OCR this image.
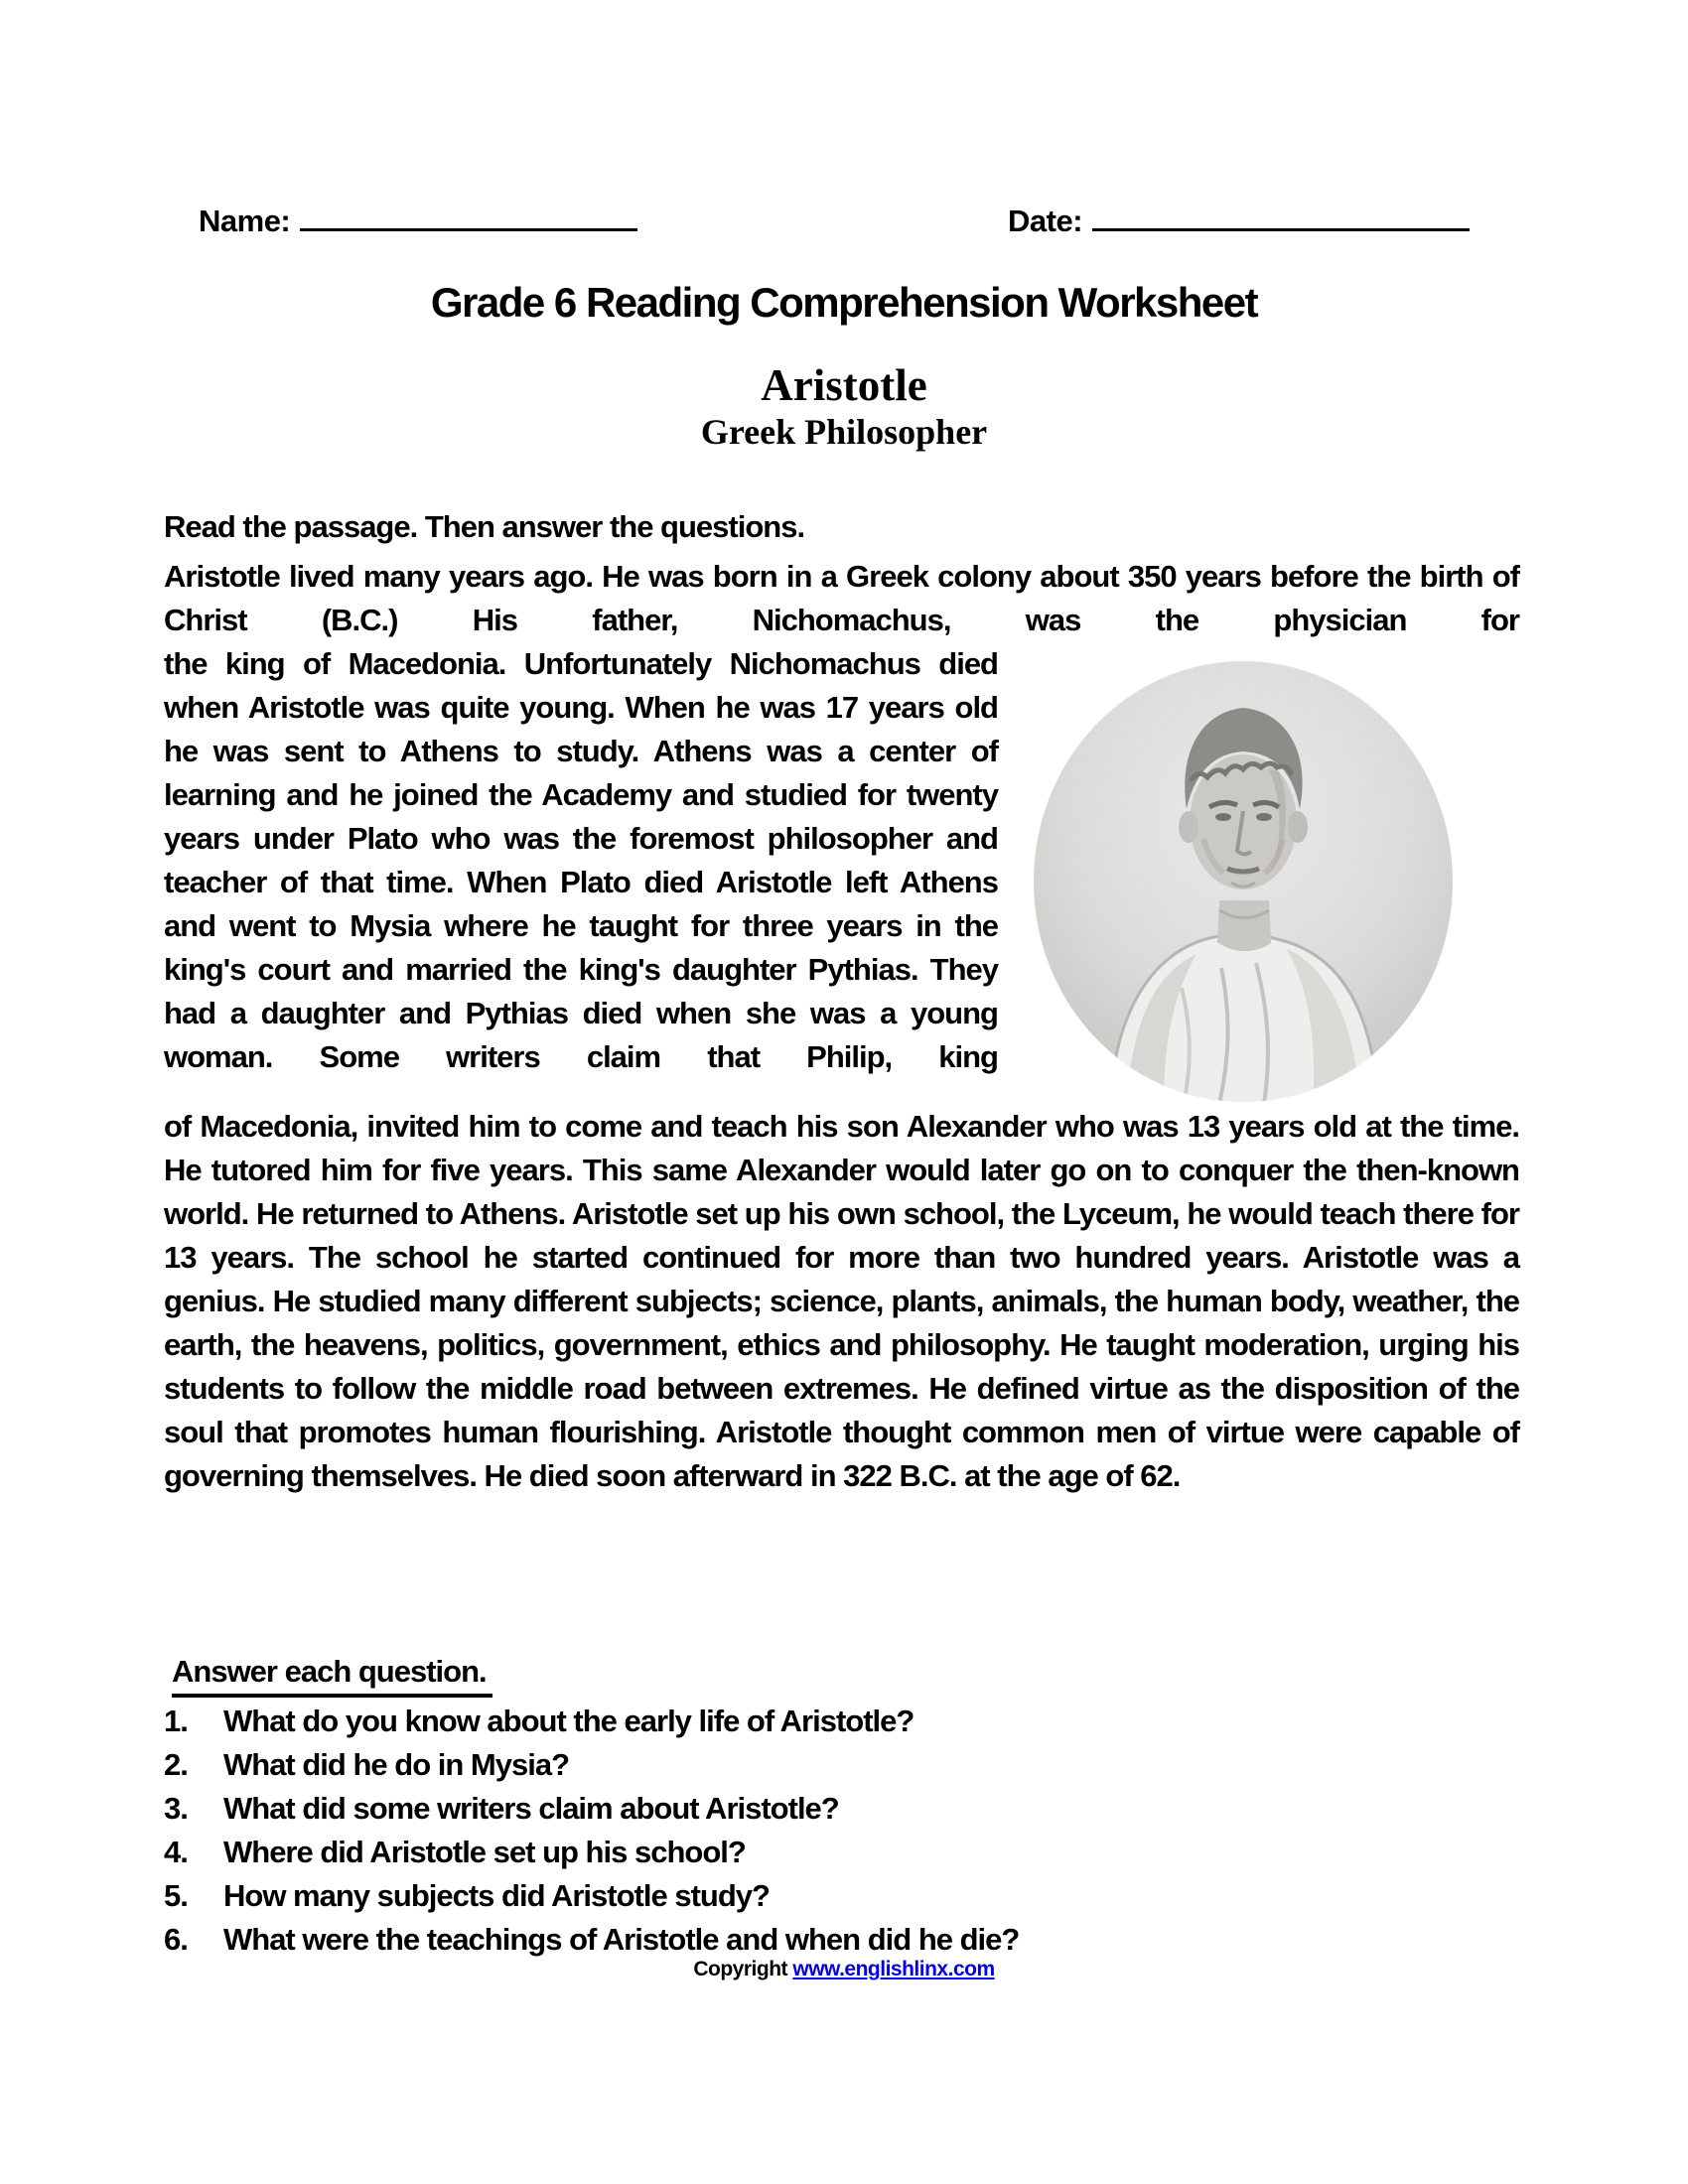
Name:	Date:
Grade 6 Reading Comprehension Worksheet
Aristotle
Greek Philosopher
Read the passage. Then answer the questions.

Aristotle lived many years ago. He was born in a Greek colony about 350 years before the birth of Christ (B.C.) His father, Nichomachus, was the physician for

the king of Macedonia. Unfortunately Nichomachus died when Aristotle was quite young. When he was 17 years old he was sent to Athens to study. Athens was a center of learning and he joined the Academy and studied for twenty years under Plato who was the foremost philosopher and teacher of that time. When Plato died Aristotle left Athens and went to Mysia where he taught for three years in the king's court and married the king's daughter Pythias. They had a daughter and Pythias died when she was a young woman. Some writers claim that Philip, king

of Macedonia, invited him to come and teach his son Alexander who was 13 years old at the time. He tutored him for five years. This same Alexander would later go on to conquer the then-known world. He returned to Athens. Aristotle set up his own school, the Lyceum, he would teach there for 13 years. The school he started continued for more than two hundred years. Aristotle was a genius. He studied many different subjects; science, plants, animals, the human body, weather, the earth, the heavens, politics, government, ethics and philosophy. He taught moderation, urging his students to follow the middle road between extremes. He defined virtue as the disposition of the soul that promotes human flourishing. Aristotle thought common men of virtue were capable of governing themselves. He died soon afterward in 322 B.C. at the age of 62.

Answer each question.
1.	What do you know about the early life of Aristotle?
2.	What did he do in Mysia?
3.	What did some writers claim about Aristotle?
4.	Where did Aristotle set up his school?
5.	How many subjects did Aristotle study?
6.	What were the teachings of Aristotle and when did he die?
Copyright www.englishlinx.com
